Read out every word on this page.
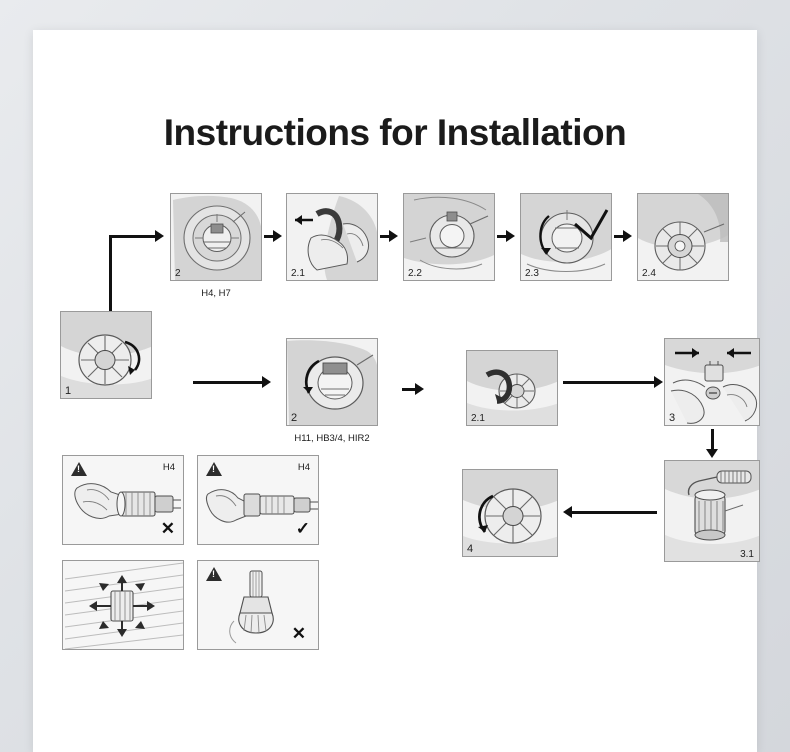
Instructions for Installation
2	2.1	2.2	2.3	2.4
H4, H7
1
2
H11, HB3/4, HIR2
2.1	3
3.1
4
!
H4
✕
!
H4
✓
!
✕
